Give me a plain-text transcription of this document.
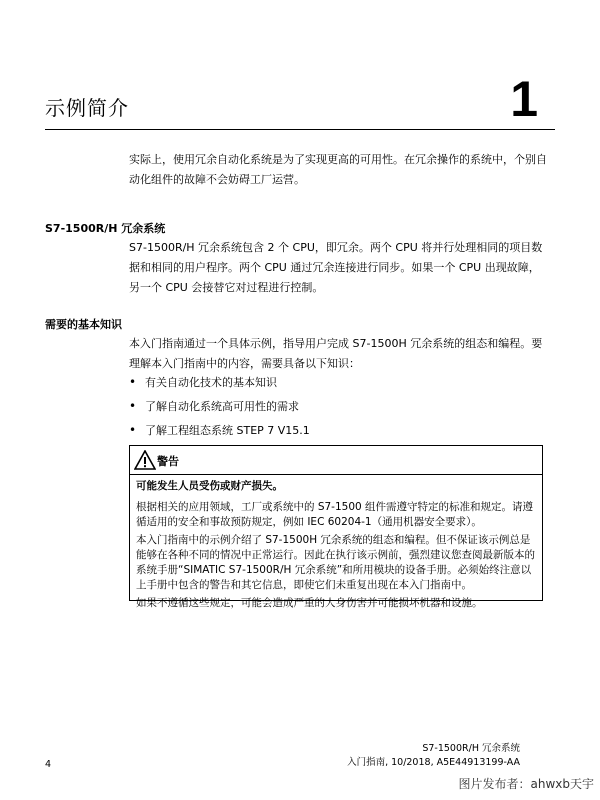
示例简介	1
实际上，使用冗余自动化系统是为了实现更高的可用性。在冗余操作的系统中，个别自动化组件的故障不会妨碍工厂运营。
S7-1500R/H 冗余系统
S7-1500R/H 冗余系统包含 2 个 CPU，即冗余。两个 CPU 将并行处理相同的项目数据和相同的用户程序。两个 CPU 通过冗余连接进行同步。如果一个 CPU 出现故障，另一个 CPU 会接替它对过程进行控制。
需要的基本知识
本入门指南通过一个具体示例，指导用户完成 S7-1500H 冗余系统的组态和编程。要理解本入门指南中的内容，需要具备以下知识：
• 有关自动化技术的基本知识
• 了解自动化系统高可用性的需求
• 了解工程组态系统 STEP 7 V15.1
警告

可能发生人员受伤或财产损失。

根据相关的应用领域，工厂或系统中的 S7-1500 组件需遵守特定的标准和规定。请遵循适用的安全和事故预防规定，例如 IEC 60204-1（通用机器安全要求）。

本入门指南中的示例介绍了 S7-1500H 冗余系统的组态和编程。但不保证该示例总是能够在各种不同的情况中正常运行。因此在执行该示例前，强烈建议您查阅最新版本的系统手册“SIMATIC S7-1500R/H 冗余系统”和所用模块的设备手册。必须始终注意以上手册中包含的警告和其它信息，即使它们未重复出现在本入门指南中。

如果不遵循这些规定，可能会造成严重的人身伤害并可能损坏机器和设施。

4
S7-1500R/H 冗余系统
入门指南, 10/2018, A5E44913199-AA
图片发布者：ahwxb天宇
